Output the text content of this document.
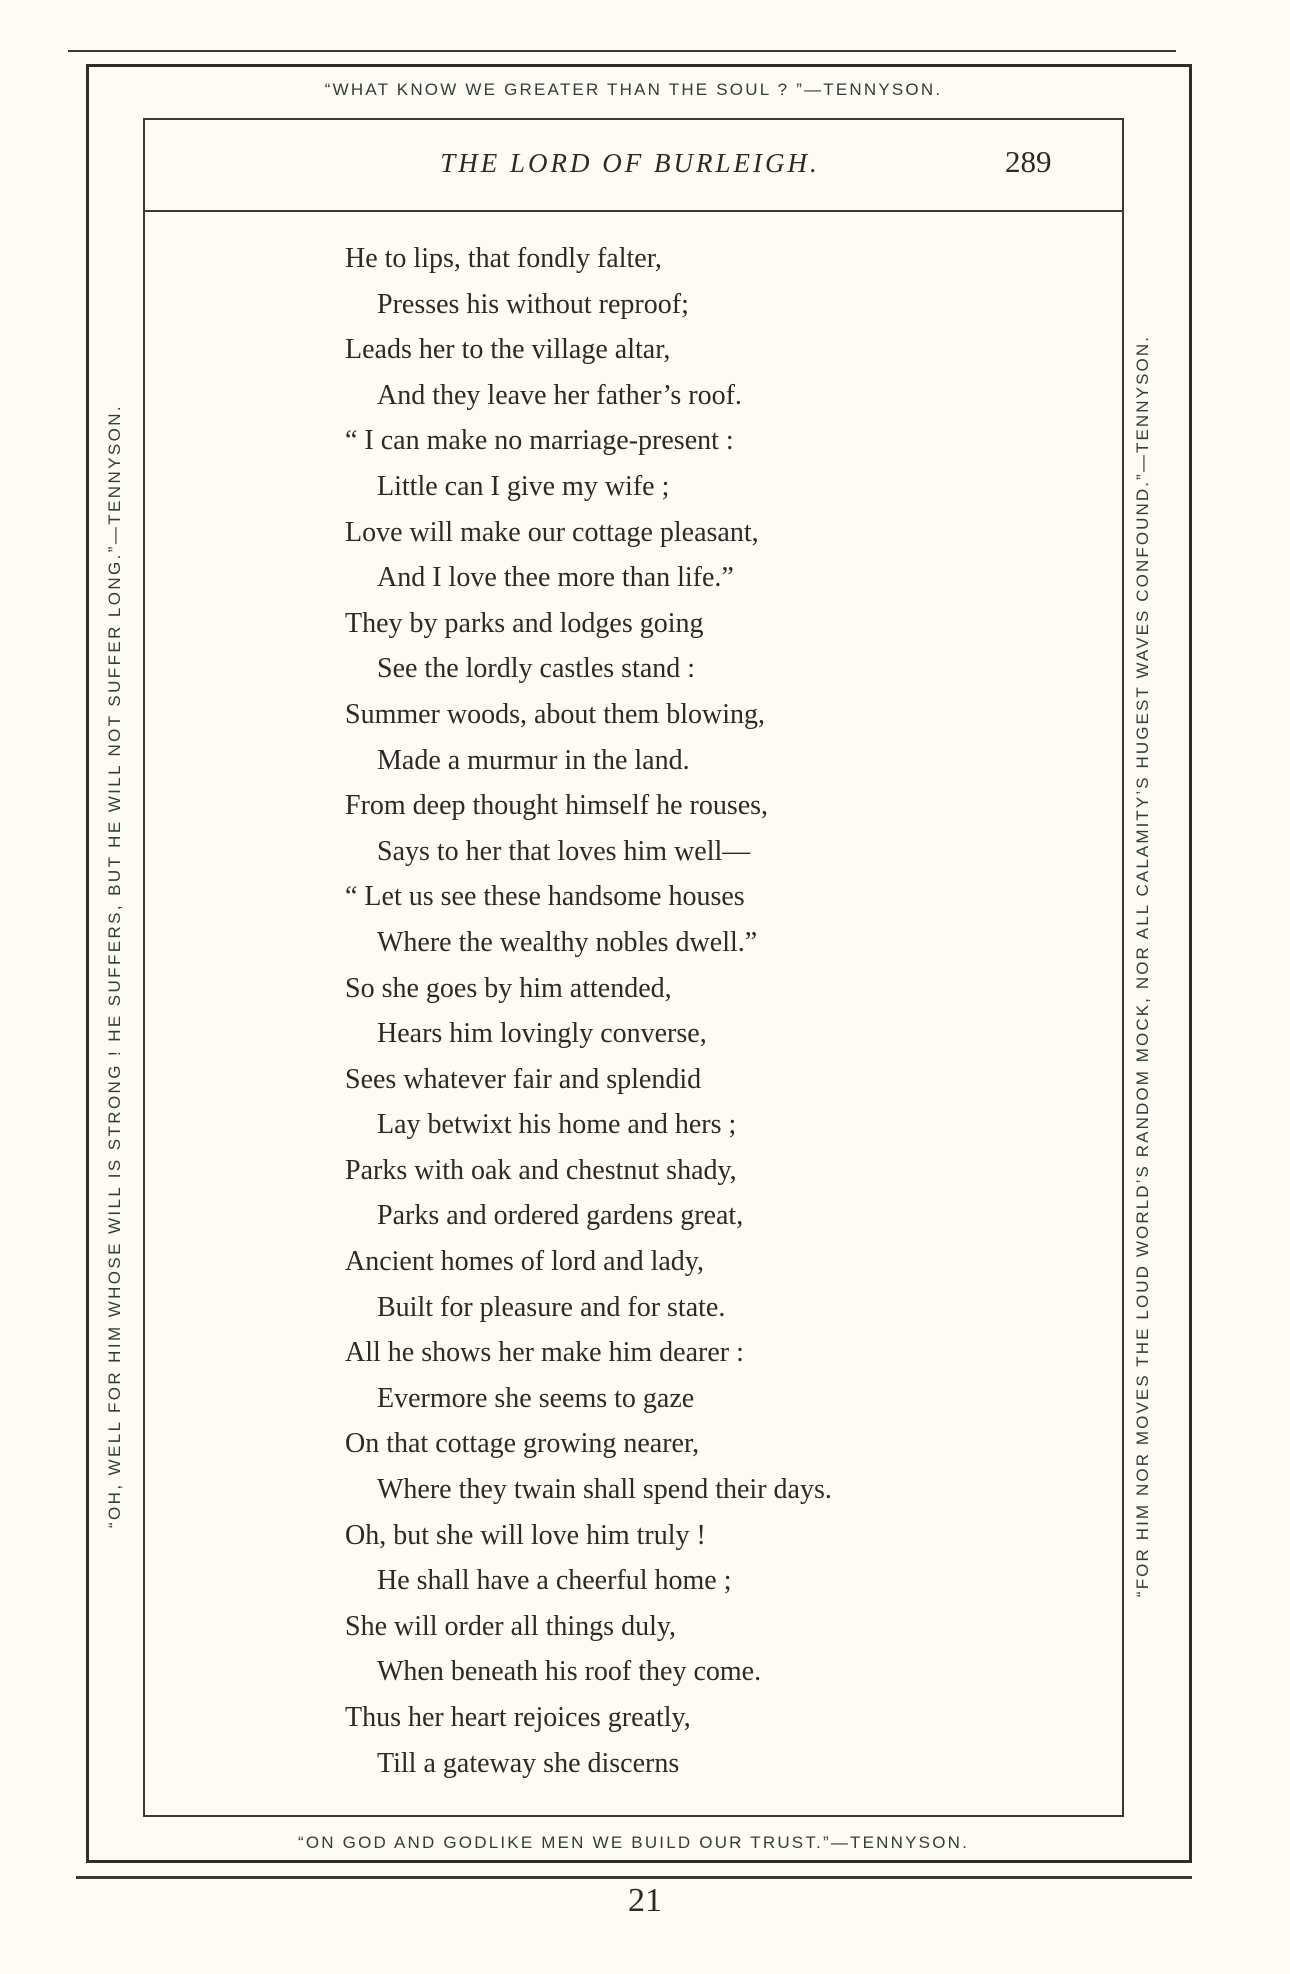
“WHAT KNOW WE GREATER THAN THE SOUL ? ”—TENNYSON.
“OH, WELL FOR HIM WHOSE WILL IS STRONG ! HE SUFFERS, BUT HE WILL NOT SUFFER LONG.”—TENNYSON.	“FOR HIM NOR MOVES THE LOUD WORLD’S RANDOM MOCK, NOR ALL CALAMITY’S HUGEST WAVES CONFOUND.”—TENNYSON.
THE LORD OF BURLEIGH.	289
He to lips, that fondly falter,
Presses his without reproof;
Leads her to the village altar,
And they leave her father’s roof.
“ I can make no marriage-present :
Little can I give my wife ;
Love will make our cottage pleasant,
And I love thee more than life.”
They by parks and lodges going
See the lordly castles stand :
Summer woods, about them blowing,
Made a murmur in the land.
From deep thought himself he rouses,
Says to her that loves him well—
“ Let us see these handsome houses
Where the wealthy nobles dwell.”
So she goes by him attended,
Hears him lovingly converse,
Sees whatever fair and splendid
Lay betwixt his home and hers ;
Parks with oak and chestnut shady,
Parks and ordered gardens great,
Ancient homes of lord and lady,
Built for pleasure and for state.
All he shows her make him dearer :
Evermore she seems to gaze
On that cottage growing nearer,
Where they twain shall spend their days.
Oh, but she will love him truly !
He shall have a cheerful home ;
She will order all things duly,
When beneath his roof they come.
Thus her heart rejoices greatly,
Till a gateway she discerns
“ON GOD AND GODLIKE MEN WE BUILD OUR TRUST.”—TENNYSON.
21
